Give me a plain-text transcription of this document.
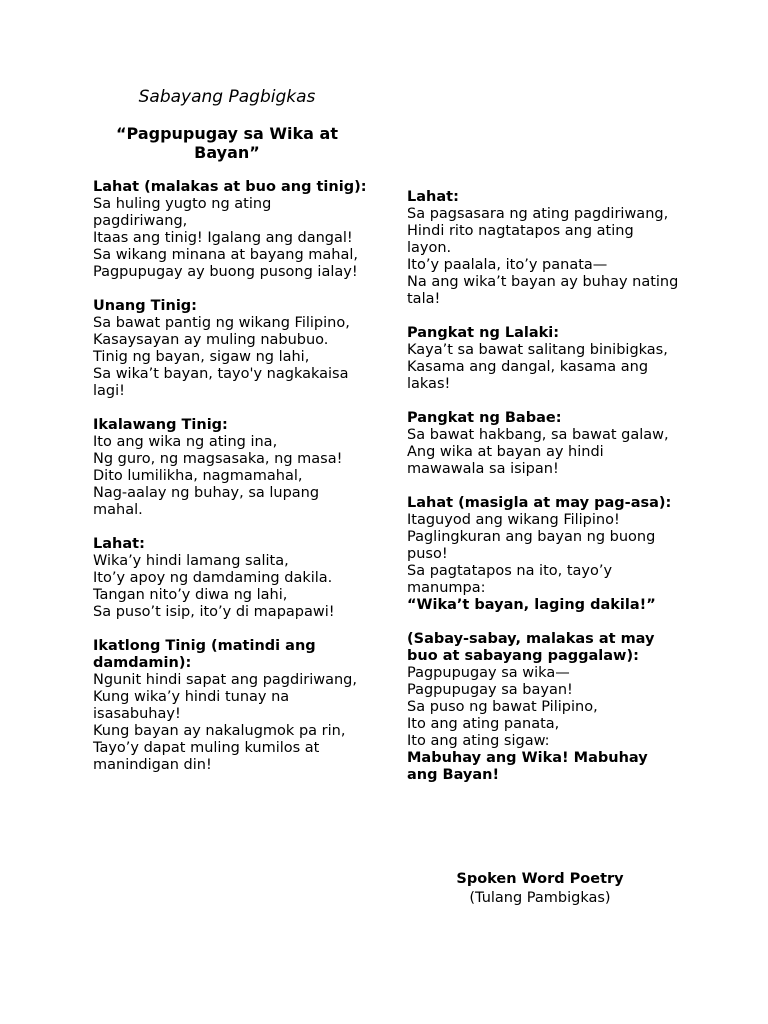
Sabayang Pagbigkas
“Pagpupugay sa Wika at Bayan”

Lahat (malakas at buo ang tinig):

Sa huling yugto ng ating pagdiriwang,

Itaas ang tinig! Igalang ang dangal!

Sa wikang minana at bayang mahal,

Pagpupugay ay buong pusong ialay!

Unang Tinig:

Sa bawat pantig ng wikang Filipino,

Kasaysayan ay muling nabubuo.

Tinig ng bayan, sigaw ng lahi,

Sa wika’t bayan, tayo'y nagkakaisa lagi!

Ikalawang Tinig:

Ito ang wika ng ating ina,

Ng guro, ng magsasaka, ng masa!

Dito lumilikha, nagmamahal,

Nag-aalay ng buhay, sa lupang mahal.

Lahat:

Wika’y hindi lamang salita,

Ito’y apoy ng damdaming dakila.

Tangan nito’y diwa ng lahi,

Sa puso’t isip, ito’y di mapapawi!

Ikatlong Tinig (matindi ang damdamin):

Ngunit hindi sapat ang pagdiriwang,

Kung wika’y hindi tunay na isasabuhay!

Kung bayan ay nakalugmok pa rin,

Tayo’y dapat muling kumilos at manindigan din!

Lahat:

Sa pagsasara ng ating pagdiriwang,

Hindi rito nagtatapos ang ating layon.

Ito’y paalala, ito’y panata—

Na ang wika’t bayan ay buhay nating tala!

Pangkat ng Lalaki:

Kaya’t sa bawat salitang binibigkas,

Kasama ang dangal, kasama ang lakas!

Pangkat ng Babae:

Sa bawat hakbang, sa bawat galaw,

Ang wika at bayan ay hindi mawawala sa isipan!

Lahat (masigla at may pag-asa):

Itaguyod ang wikang Filipino!

Paglingkuran ang bayan ng buong puso!

Sa pagtatapos na ito, tayo’y manumpa:

“Wika’t bayan, laging dakila!”

(Sabay-sabay, malakas at may buo at sabayang paggalaw):

Pagpupugay sa wika—

Pagpupugay sa bayan!

Sa puso ng bawat Pilipino,

Ito ang ating panata,

Ito ang ating sigaw:

Mabuhay ang Wika! Mabuhay ang Bayan!

Spoken Word Poetry

(Tulang Pambigkas)
